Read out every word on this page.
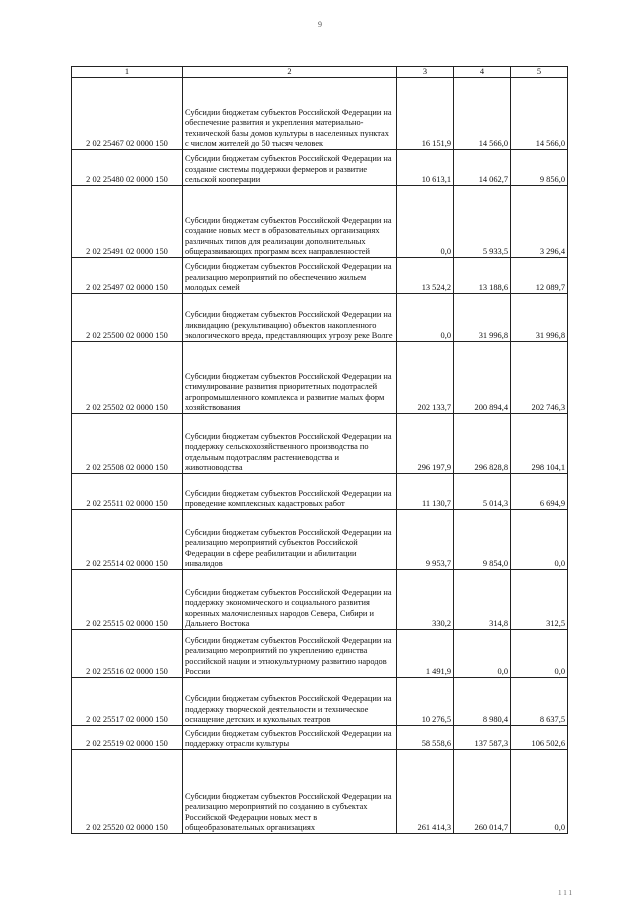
9
1	2	3	4	5
2 02 25467 02 0000 150	Субсидии бюджетам субъектов Российской Федерации на обеспечение развития и укрепления материально-технической базы домов культуры в населенных пунктах с числом жителей до 50 тысяч человек	16 151,9	14 566,0	14 566,0
2 02 25480 02 0000 150	Субсидии бюджетам субъектов Российской Федерации на создание системы поддержки фермеров и развитие сельской кооперации	10 613,1	14 062,7	9 856,0
2 02 25491 02 0000 150	Субсидии бюджетам субъектов Российской Федерации на создание новых мест в образовательных организациях различных типов для реализации дополнительных общеразвивающих программ всех направленностей	0,0	5 933,5	3 296,4
2 02 25497 02 0000 150	Субсидии бюджетам субъектов Российской Федерации на реализацию мероприятий по обеспечению жильем молодых семей	13 524,2	13 188,6	12 089,7
2 02 25500 02 0000 150	Субсидии бюджетам субъектов Российской Федерации на ликвидацию (рекультивацию) объектов накопленного экологического вреда, представляющих угрозу реке Волге	0,0	31 996,8	31 996,8
2 02 25502 02 0000 150	Субсидии бюджетам субъектов Российской Федерации на стимулирование развития приоритетных подотраслей агропромышленного комплекса и развитие малых форм хозяйствования	202 133,7	200 894,4	202 746,3
2 02 25508 02 0000 150	Субсидии бюджетам субъектов Российской Федерации на поддержку сельскохозяйственного производства по отдельным подотраслям растениеводства и животноводства	296 197,9	296 828,8	298 104,1
2 02 25511 02 0000 150	Субсидии бюджетам субъектов Российской Федерации на проведение комплексных кадастровых работ	11 130,7	5 014,3	6 694,9
2 02 25514 02 0000 150	Субсидии бюджетам субъектов Российской Федерации на реализацию мероприятий субъектов Российской Федерации в сфере реабилитации и абилитации инвалидов	9 953,7	9 854,0	0,0
2 02 25515 02 0000 150	Субсидии бюджетам субъектов Российской Федерации на поддержку экономического и социального развития коренных малочисленных народов Севера, Сибири и Дальнего Востока	330,2	314,8	312,5
2 02 25516 02 0000 150	Субсидии бюджетам субъектов Российской Федерации на реализацию мероприятий по укреплению единства российской нации и этнокультурному развитию народов России	1 491,9	0,0	0,0
2 02 25517 02 0000 150	Субсидии бюджетам субъектов Российской Федерации на поддержку творческой деятельности и техническое оснащение детских и кукольных театров	10 276,5	8 980,4	8 637,5
2 02 25519 02 0000 150	Субсидии бюджетам субъектов Российской Федерации на поддержку отрасли культуры	58 558,6	137 587,3	106 502,6
2 02 25520 02 0000 150	Субсидии бюджетам субъектов Российской Федерации на реализацию мероприятий по созданию в субъектах Российской Федерации новых мест в общеобразовательных организациях	261 414,3	260 014,7	0,0
111
